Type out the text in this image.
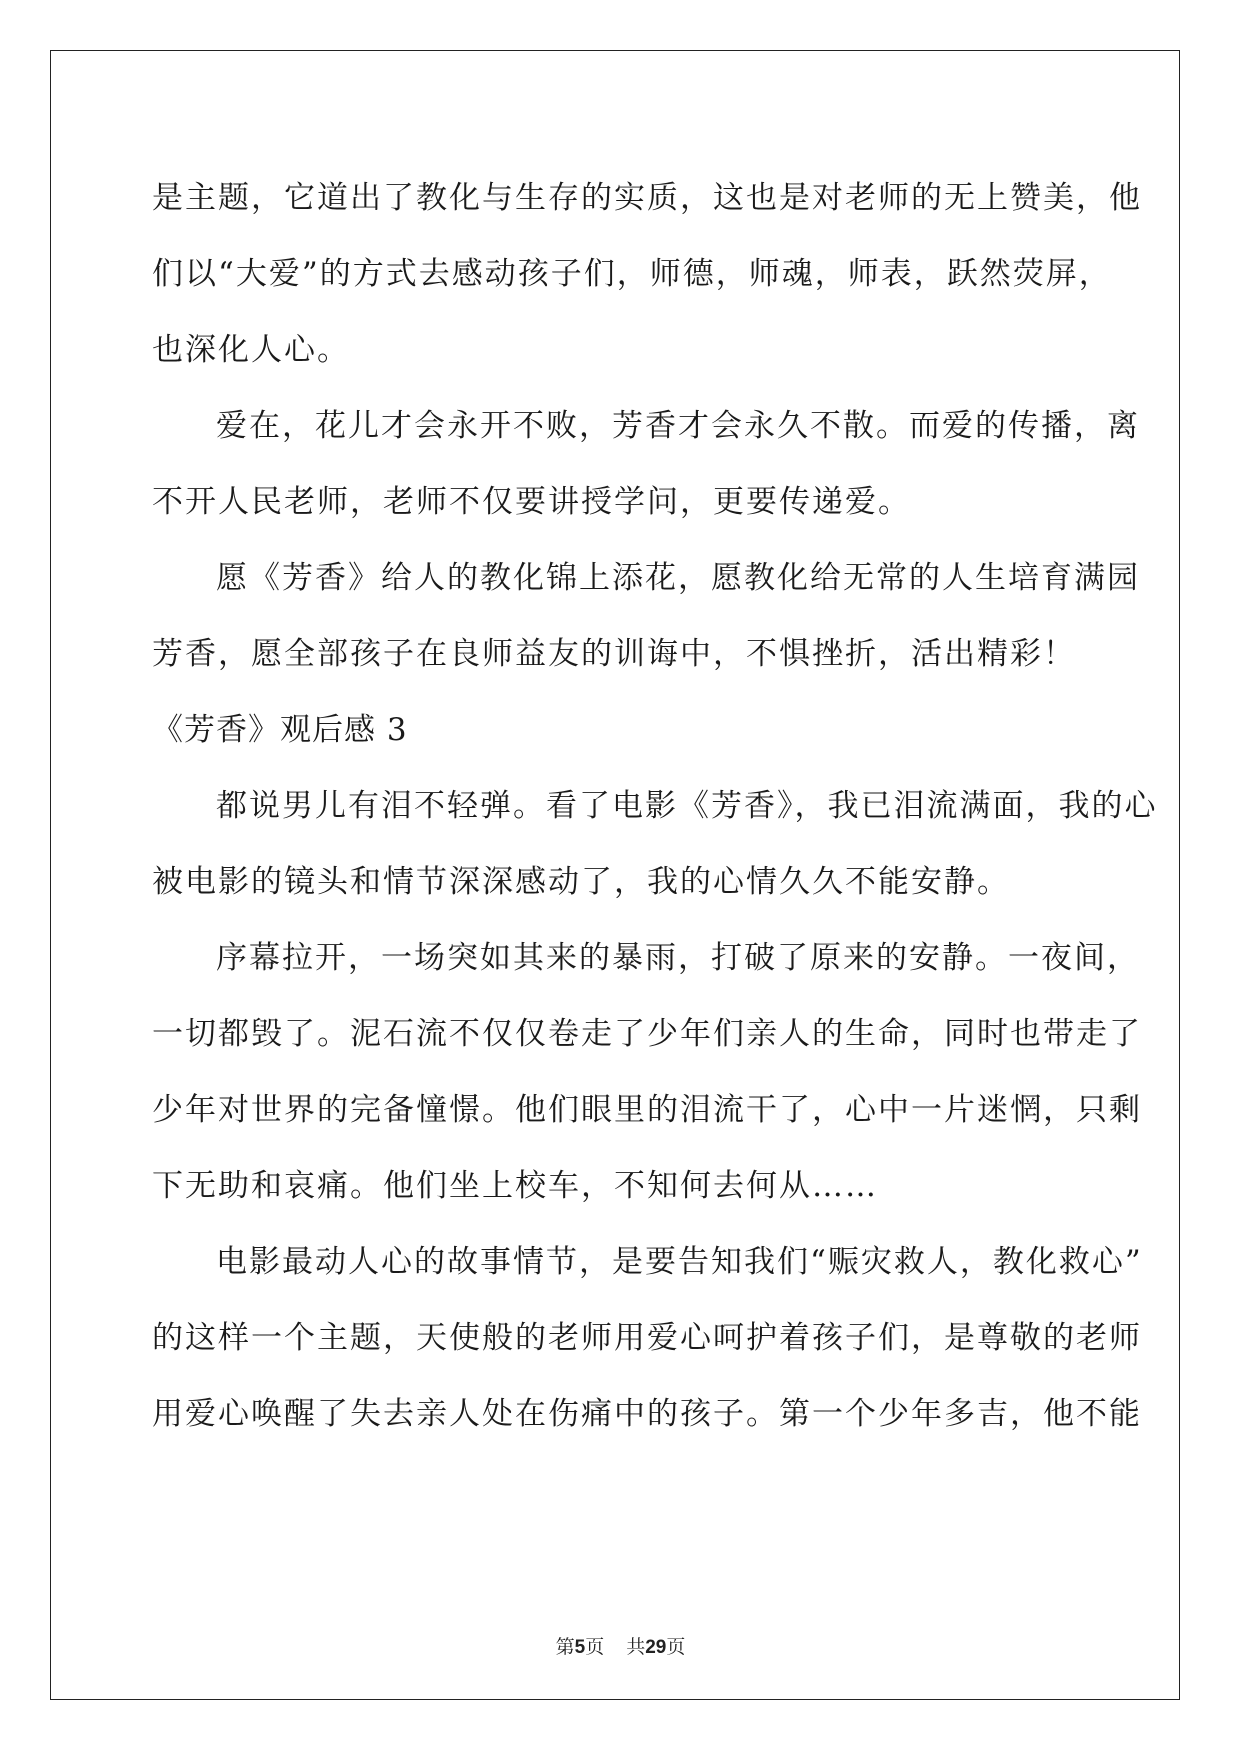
是主题，它道出了教化与生存的实质，这也是对老师的无上赞美，他
们以“大爱”的方式去感动孩子们，师德，师魂，师表，跃然荧屏，
也深化人心。

爱在，花儿才会永开不败，芳香才会永久不散。而爱的传播，离
不开人民老师，老师不仅要讲授学问，更要传递爱。

愿《芳香》给人的教化锦上添花，愿教化给无常的人生培育满园
芳香，愿全部孩子在良师益友的训诲中，不惧挫折，活出精彩！

《芳香》观后感 3

都说男儿有泪不轻弹。看了电影《芳香》，我已泪流满面，我的心
被电影的镜头和情节深深感动了，我的心情久久不能安静。

序幕拉开，一场突如其来的暴雨，打破了原来的安静。一夜间，
一切都毁了。泥石流不仅仅卷走了少年们亲人的生命，同时也带走了
少年对世界的完备憧憬。他们眼里的泪流干了，心中一片迷惘，只剩
下无助和哀痛。他们坐上校车，不知何去何从……

电影最动人心的故事情节，是要告知我们“赈灾救人，教化救心”
的这样一个主题，天使般的老师用爱心呵护着孩子们，是尊敬的老师
用爱心唤醒了失去亲人处在伤痛中的孩子。第一个少年多吉，他不能

第5页 共29页
